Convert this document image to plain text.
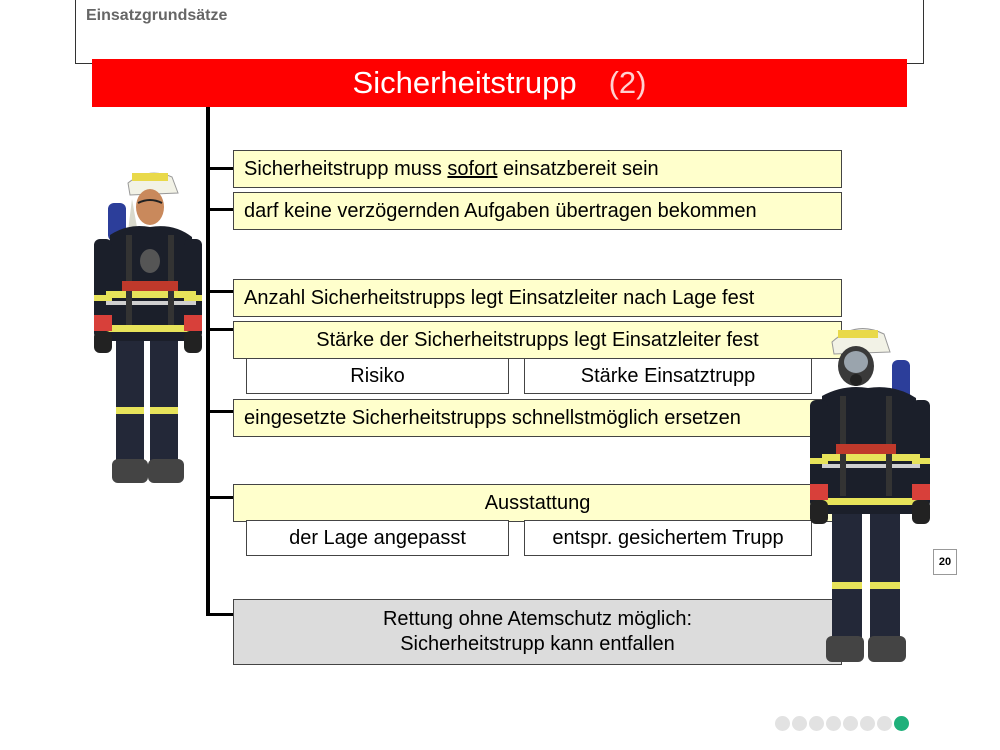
Einsatzgrundsätze
Sicherheitstrupp (2)
Sicherheitstrupp muss sofort einsatzbereit sein
darf keine verzögernden Aufgaben übertragen bekommen
Anzahl Sicherheitstrupps legt Einsatzleiter nach Lage fest
Stärke der Sicherheitstrupps legt Einsatzleiter fest
Risiko	Stärke Einsatztrupp
eingesetzte Sicherheitstrupps schnellstmöglich ersetzen
Ausstattung
der Lage angepasst	entspr. gesichertem Trupp
Rettung ohne Atemschutz möglich:
Sicherheitstrupp kann entfallen
20
